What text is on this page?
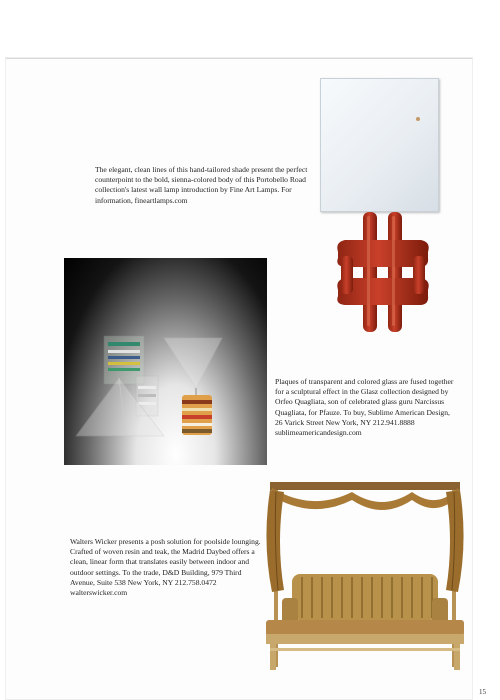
The elegant, clean lines of this hand-tailored shade present the perfect counterpoint to the bold, sienna-colored body of this Portobello Road collection's latest wall lamp introduction by Fine Art Lamps. For information, fineartlamps.com
Plaques of transparent and colored glass are fused together for a sculptural effect in the Glasz collection designed by Orfeo Quagliata, son of celebrated glass guru Narcissus Quagliata, for Pfauze. To buy, Sublime American Design, 26 Varick Street New York, NY 212.941.8888 sublimeamericandesign.com
Walters Wicker presents a posh solution for poolside lounging. Crafted of woven resin and teak, the Madrid Daybed offers a clean, linear form that translates easily between indoor and outdoor settings. To the trade, D&D Building, 979 Third Avenue, Suite 538 New York, NY 212.758.0472 walterswicker.com
15
